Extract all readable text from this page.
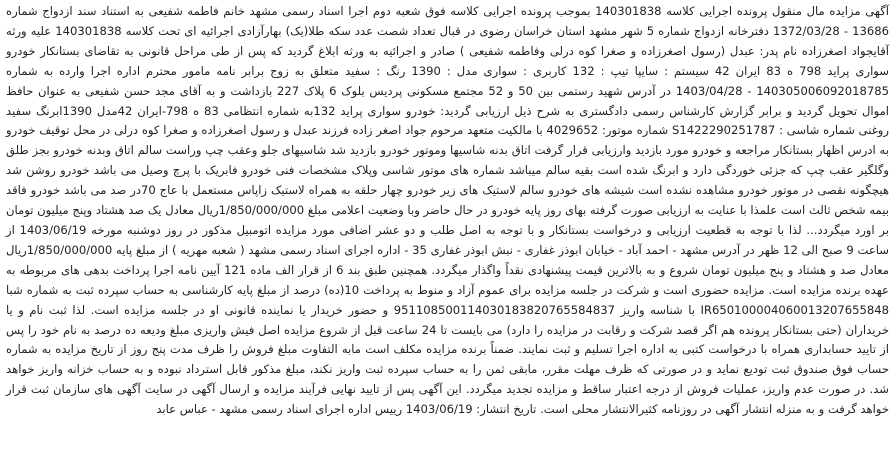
آگهی مزایده مال منقول پرونده اجرایی کلاسه 140301838 بموجب پرونده اجرایی کلاسه فوق شعبه دوم اجرا اسناد رسمی مشهد خانم فاطمه شفیعی به استناد سند ازدواج شماره 13686 - 1372/03/28 دفترخانه ازدواج شماره 5 شهر مشهد استان خراسان رضوی در قبال تعداد شصت عدد سکه طلا(یک) بهارآزادی اجرائیه ای تحت کلاسه 140301838 علیه ورثه آقایجواد اصغرزاده نام پدر: عبدل (رسول اصغرزاده و صغرا کوه درلی وفاطمه شفیعی ) صادر و اجرائیه به ورثه ابلاغ گردید که پس از طی مراحل قانونی به تقاضای بستانکار خودرو سواری پراید 798 ه 83 ایران 42 سیستم : سایپا تیپ : 132 کاربری : سواری مدل : 1390 رنگ : سفید متعلق به زوج برابر نامه مامور محترم اداره اجرا وارده به شماره 140305006092018785 - 1403/04/28 در آدرس شهید رستمی بین 50 و 52 مجتمع مسکونی پردیس بلوک 6 پلاک 227 بازداشت و به آقای مجد حسن شفیعی به عنوان حافظ اموال تحویل گردید و برابر گزارش کارشناس رسمی دادگستری به شرح ذیل ارزیابی گردید: خودرو سواری پراید 132به شماره انتظامی 83 ه 798-ایران 42مدل 1390ابرنگ سفید روغنی شماره شاسی : S1422290251787 شماره موتور: 4029652 با مالکیت متعهد مرحوم جواد اصغر زاده فرزند عبدل و رسول اصغرزاده و صغرا کوه درلی در محل توقیف خودرو به ادرس اظهار بستانکار مراجعه و خودرو مورد بازدید وارزیابی قرار گرفت اتاق بدنه شاسیها وموتور خودرو بازدید شد شاسیهای جلو وعقب چپ وراست سالم اتاق وبدنه خودرو بجز طلق وگلگیر عقب چپ که جزئی خوردگی دارد و ابرنگ شده است بقیه سالم میباشد شماره های موتور شاسی وپلاک مشخصات فنی خودرو فابریک با پرچ وصیل می باشد خودرو روشن شد هیچگونه نقصی در موتور خودرو مشاهده نشده است شیشه های خودرو سالم لاستیک های زیر خودرو چهار حلقه به همراه لاستیک زاپاس مستعمل با عاج 70در صد می باشد خودرو فاقد بیمه شخص ثالث است علمذا با عنایت به ارزیابی صورت گرفته بهای روز پایه خودرو در حال حاضر وبا وضعیت اعلامی مبلغ 1/850/000/000ریال معادل یک صد هشتاد وپنج میلیون تومان بر اورد میگردد... لذا با توجه به قطعیت ارزیابی و درخواست بستانکار و با توجه به اصل طلب و دو عشر اضافی مورد مزایده اتومبیل مذکور در روز دوشنبه مورخه 1403/06/19 از ساعت 9 صبح الی 12 ظهر در آدرس مشهد - احمد آباد - خیابان ابوذر غفاری - نبش ابوذر غفاری 35 - اداره اجرای اسناد رسمی مشهد ( شعبه مهریه ) از مبلغ پایه 1/850/000/000ریال معادل صد و هشتاد و پنج میلیون تومان شروع و به بالاترین قیمت پیشنهادی نقداً واگذار میگردد. همچنین طبق بند 6 از قرار الف ماده 121 آیین نامه اجرا پرداخت بدهی های مربوطه به عهده برنده مزایده است. مزایده حضوری است و شرکت در جلسه مزایده برای عموم آزاد و منوط به پرداخت 10(ده) درصد از مبلغ پایه کارشناسی به حساب سپرده ثبت به شماره شبا IR650100004060013207655848 با شناسه واریز 951108500114030183820765584837 و حضور خریدار یا نماینده قانونی او در جلسه مزایده است. لذا ثبت نام و یا خریداران (حتی بستانکار پرونده هم اگر قصد شرکت و رقابت در مزایده را دارد) می بایست تا 24 ساعت قبل از شروع مزایده اصل فیش واریزی مبلغ ودیعه ده درصد به نام خود را پس از تایید حسابداری همراه با درخواست کتبی به اداره اجرا تسلیم و ثبت نمایند. ضمناً برنده مزایده مکلف است مابه التفاوت مبلغ فروش را ظرف مدت پنج روز از تاریخ مزایده به شماره حساب فوق صندوق ثبت تودیع نماید و در صورتی که ظرف مهلت مقرر، مابقی ثمن را به حساب سپرده ثبت واریز نکند، مبلغ مذکور قابل استرداد نبوده و به حساب خزانه واریز خواهد شد. در صورت عدم واریز، عملیات فروش از درجه اعتبار ساقط و مزایده تجدید میگردد. این آگهی پس از تایید نهایی فرآیند مزایده و ارسال آگهی در سایت آگهی های سازمان ثبت قرار خواهد گرفت و به منزله انتشار آگهی در روزنامه کثیرالانتشار محلی است. تاریخ انتشار: 1403/06/19 رییس اداره اجرای اسناد رسمی مشهد - عباس عابد
